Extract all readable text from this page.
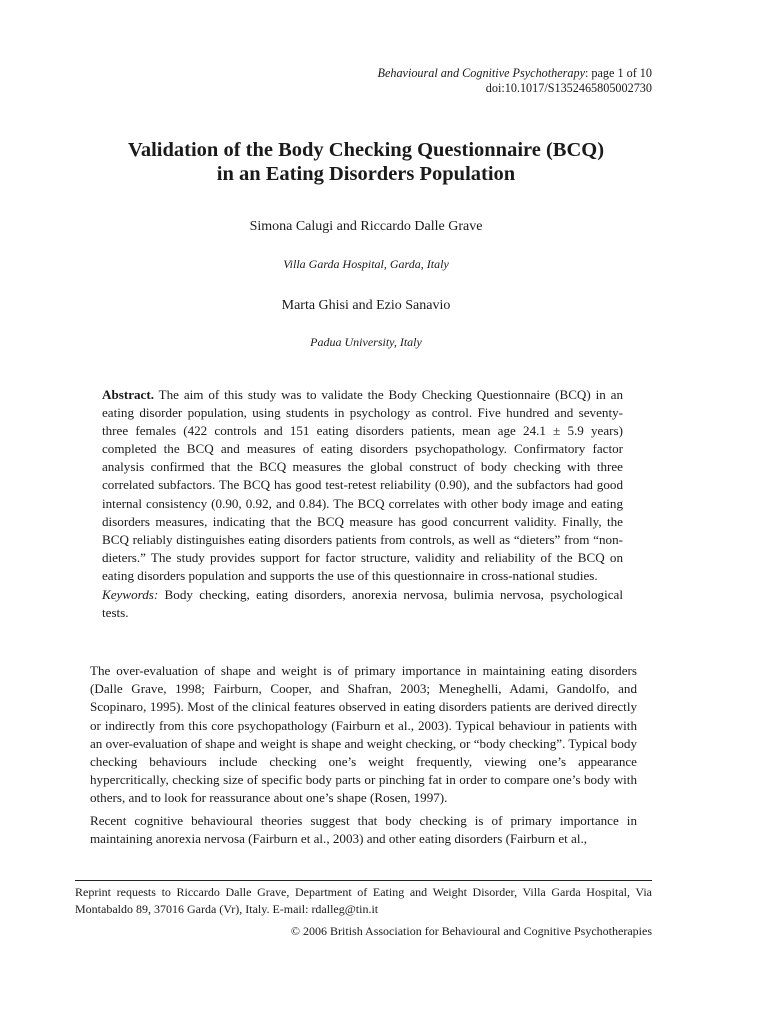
Behavioural and Cognitive Psychotherapy: page 1 of 10
doi:10.1017/S1352465805002730
Validation of the Body Checking Questionnaire (BCQ)
in an Eating Disorders Population
Simona Calugi and Riccardo Dalle Grave
Villa Garda Hospital, Garda, Italy
Marta Ghisi and Ezio Sanavio
Padua University, Italy
Abstract. The aim of this study was to validate the Body Checking Questionnaire (BCQ) in an eating disorder population, using students in psychology as control. Five hundred and seventy-three females (422 controls and 151 eating disorders patients, mean age 24.1 ± 5.9 years) completed the BCQ and measures of eating disorders psychopathology. Confirmatory factor analysis confirmed that the BCQ measures the global construct of body checking with three correlated subfactors. The BCQ has good test-retest reliability (0.90), and the subfactors had good internal consistency (0.90, 0.92, and 0.84). The BCQ correlates with other body image and eating disorders measures, indicating that the BCQ measure has good concurrent validity. Finally, the BCQ reliably distinguishes eating disorders patients from controls, as well as “dieters” from “non-dieters.” The study provides support for factor structure, validity and reliability of the BCQ on eating disorders population and supports the use of this questionnaire in cross-national studies.
Keywords: Body checking, eating disorders, anorexia nervosa, bulimia nervosa, psychological tests.
The over-evaluation of shape and weight is of primary importance in maintaining eating disorders (Dalle Grave, 1998; Fairburn, Cooper, and Shafran, 2003; Meneghelli, Adami, Gandolfo, and Scopinaro, 1995). Most of the clinical features observed in eating disorders patients are derived directly or indirectly from this core psychopathology (Fairburn et al., 2003). Typical behaviour in patients with an over-evaluation of shape and weight is shape and weight checking, or “body checking”. Typical body checking behaviours include checking one’s weight frequently, viewing one’s appearance hypercritically, checking size of specific body parts or pinching fat in order to compare one’s body with others, and to look for reassurance about one’s shape (Rosen, 1997).
Recent cognitive behavioural theories suggest that body checking is of primary importance in maintaining anorexia nervosa (Fairburn et al., 2003) and other eating disorders (Fairburn et al.,
Reprint requests to Riccardo Dalle Grave, Department of Eating and Weight Disorder, Villa Garda Hospital, Via Montabaldo 89, 37016 Garda (Vr), Italy. E-mail: rdalleg@tin.it
© 2006 British Association for Behavioural and Cognitive Psychotherapies
